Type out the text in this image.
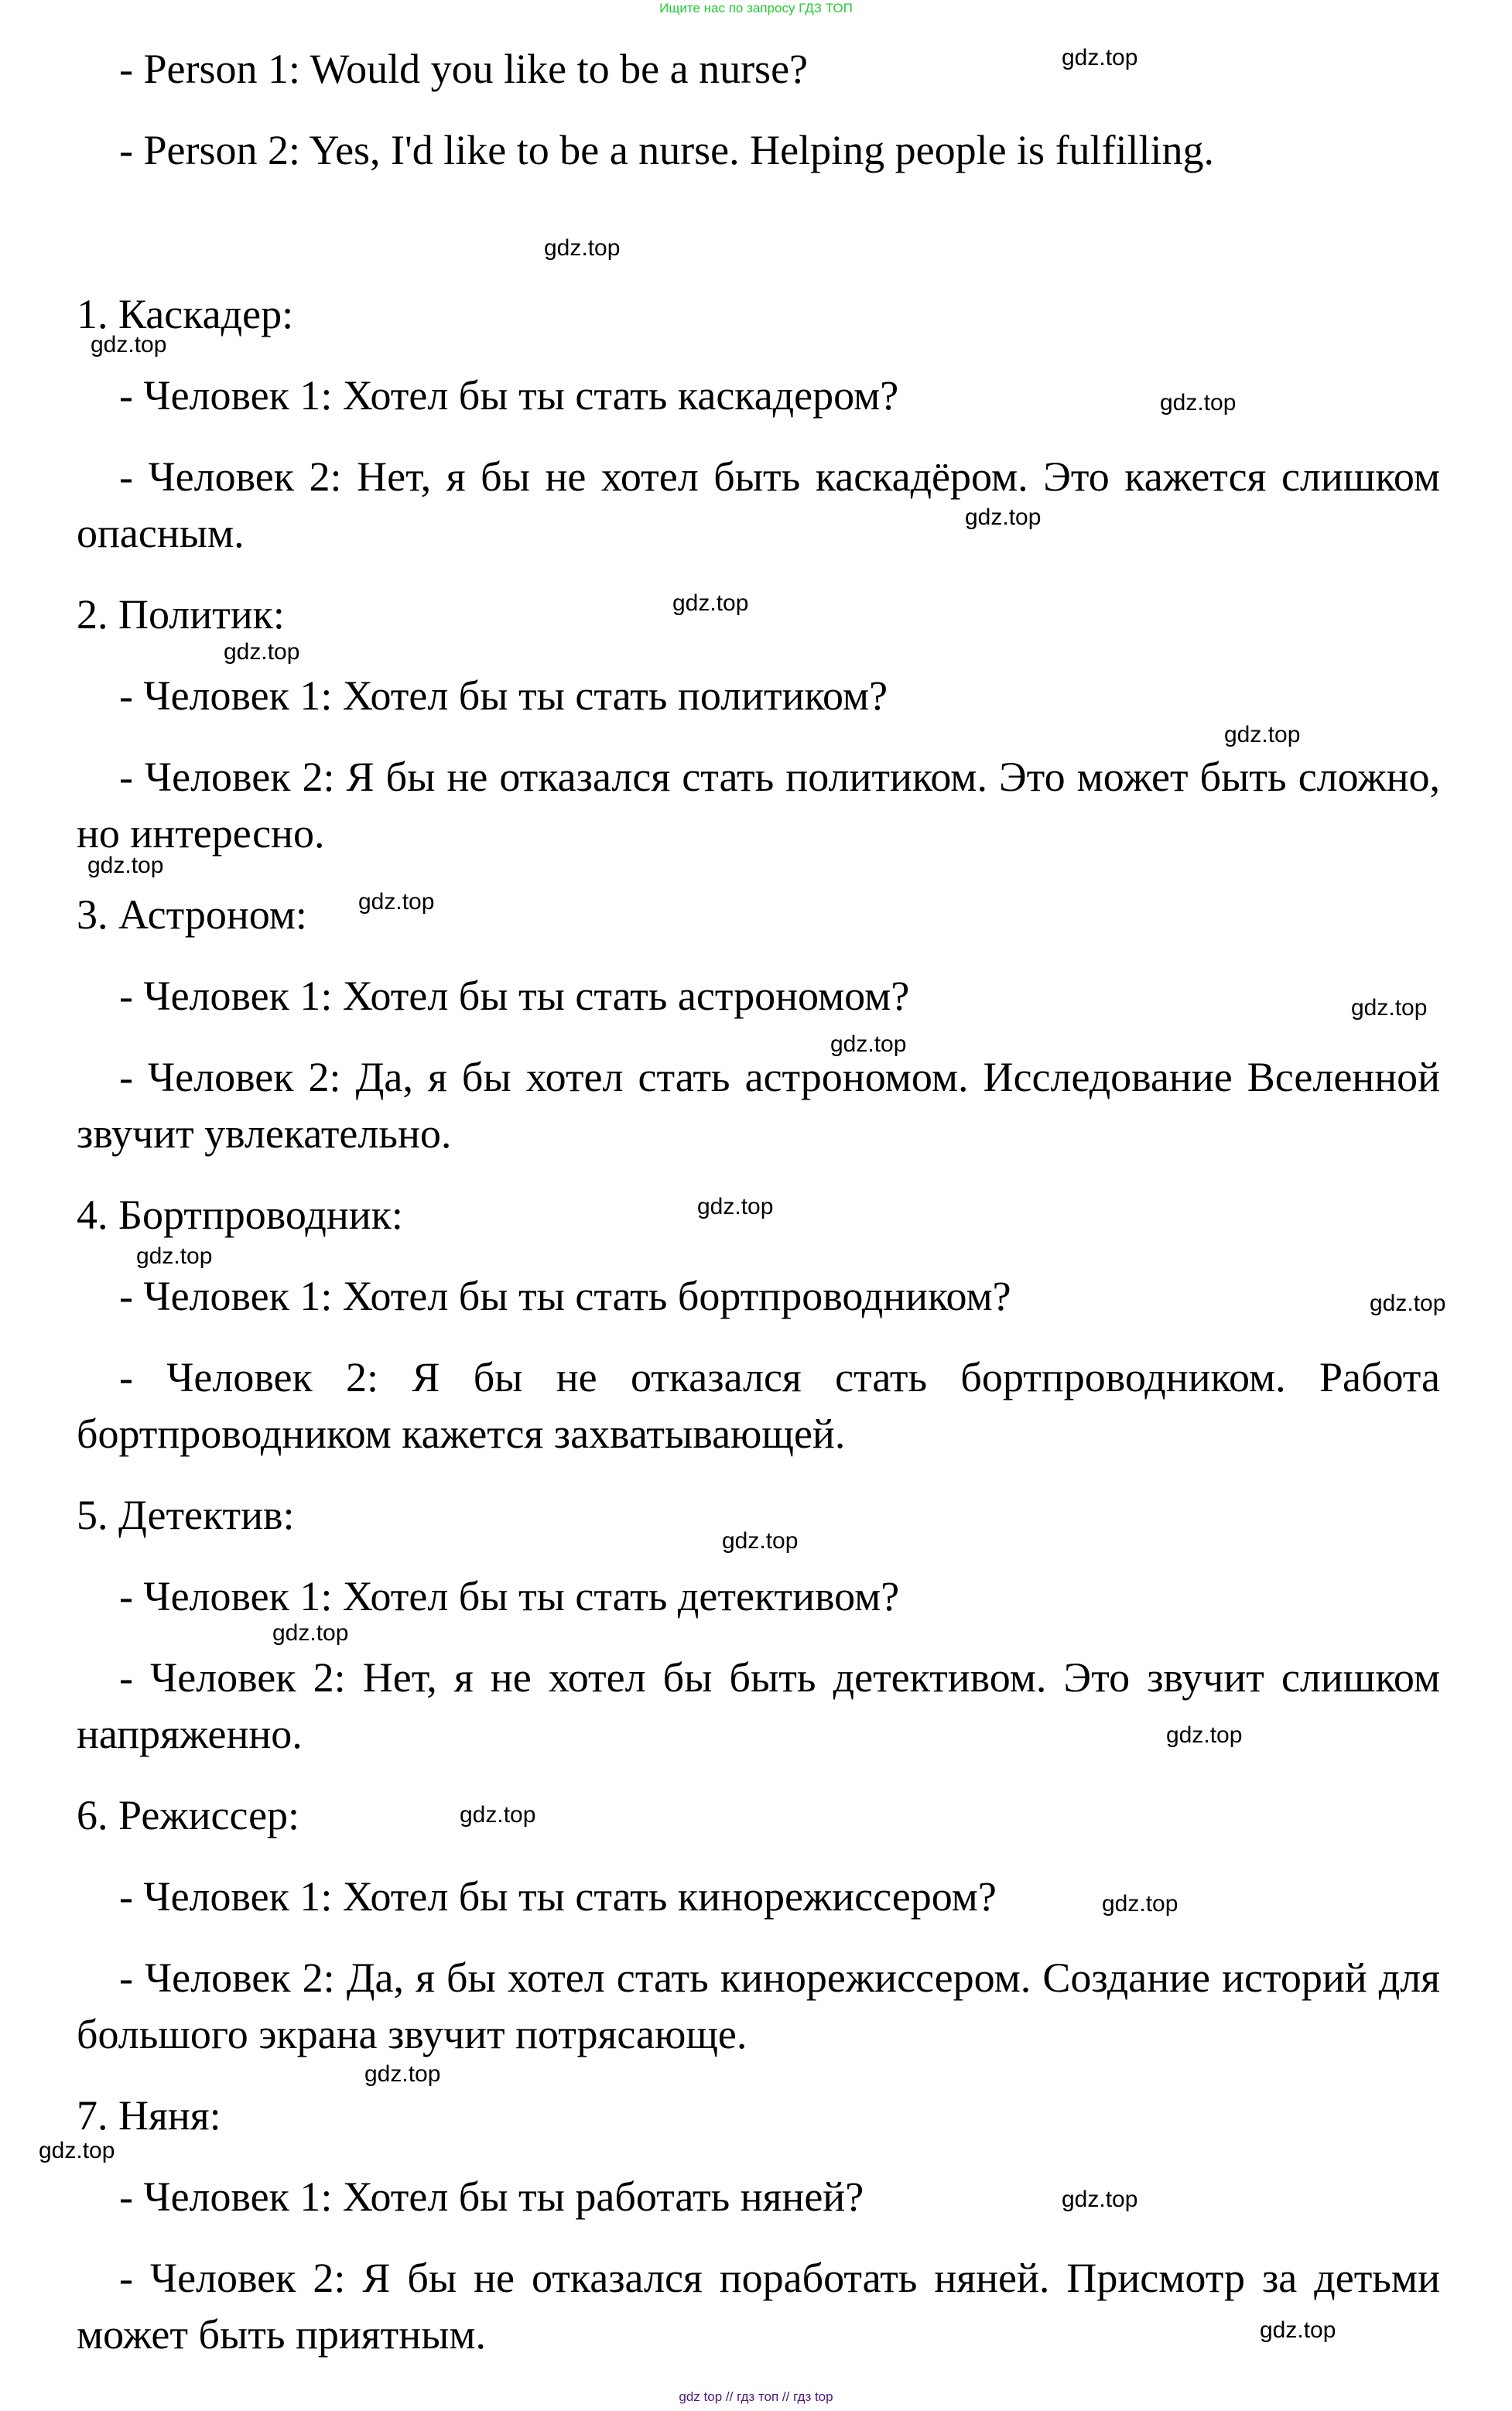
Ищите нас по запросу ГДЗ ТОП
- Person 1: Would you like to be a nurse?
- Person 2: Yes, I'd like to be a nurse. Helping people is fulfilling.
1. Каскадер:
- Человек 1: Хотел бы ты стать каскадером?
- Человек 2: Нет, я бы не хотел быть каскадёром. Это кажется слишком опасным.
2. Политик:
- Человек 1: Хотел бы ты стать политиком?
- Человек 2: Я бы не отказался стать политиком. Это может быть сложно, но интересно.
3. Астроном:
- Человек 1: Хотел бы ты стать астрономом?
- Человек 2: Да, я бы хотел стать астрономом. Исследование Вселенной звучит увлекательно.
4. Бортпроводник:
- Человек 1: Хотел бы ты стать бортпроводником?
- Человек 2: Я бы не отказался стать бортпроводником. Работа бортпроводником кажется захватывающей.
5. Детектив:
- Человек 1: Хотел бы ты стать детективом?
- Человек 2: Нет, я не хотел бы быть детективом. Это звучит слишком напряженно.
6. Режиссер:
- Человек 1: Хотел бы ты стать кинорежиссером?
- Человек 2: Да, я бы хотел стать кинорежиссером. Создание историй для большого экрана звучит потрясающе.
7. Няня:
- Человек 1: Хотел бы ты работать няней?
- Человек 2: Я бы не отказался поработать няней. Присмотр за детьми может быть приятным.
gdz.top
gdz.top
gdz.top
gdz.top
gdz.top
gdz.top
gdz.top
gdz.top
gdz.top
gdz.top
gdz.top
gdz.top
gdz.top
gdz.top
gdz.top
gdz.top
gdz.top
gdz.top
gdz.top
gdz.top
gdz.top
gdz.top
gdz.top
gdz.top
gdz top // гдз топ // гдз top
